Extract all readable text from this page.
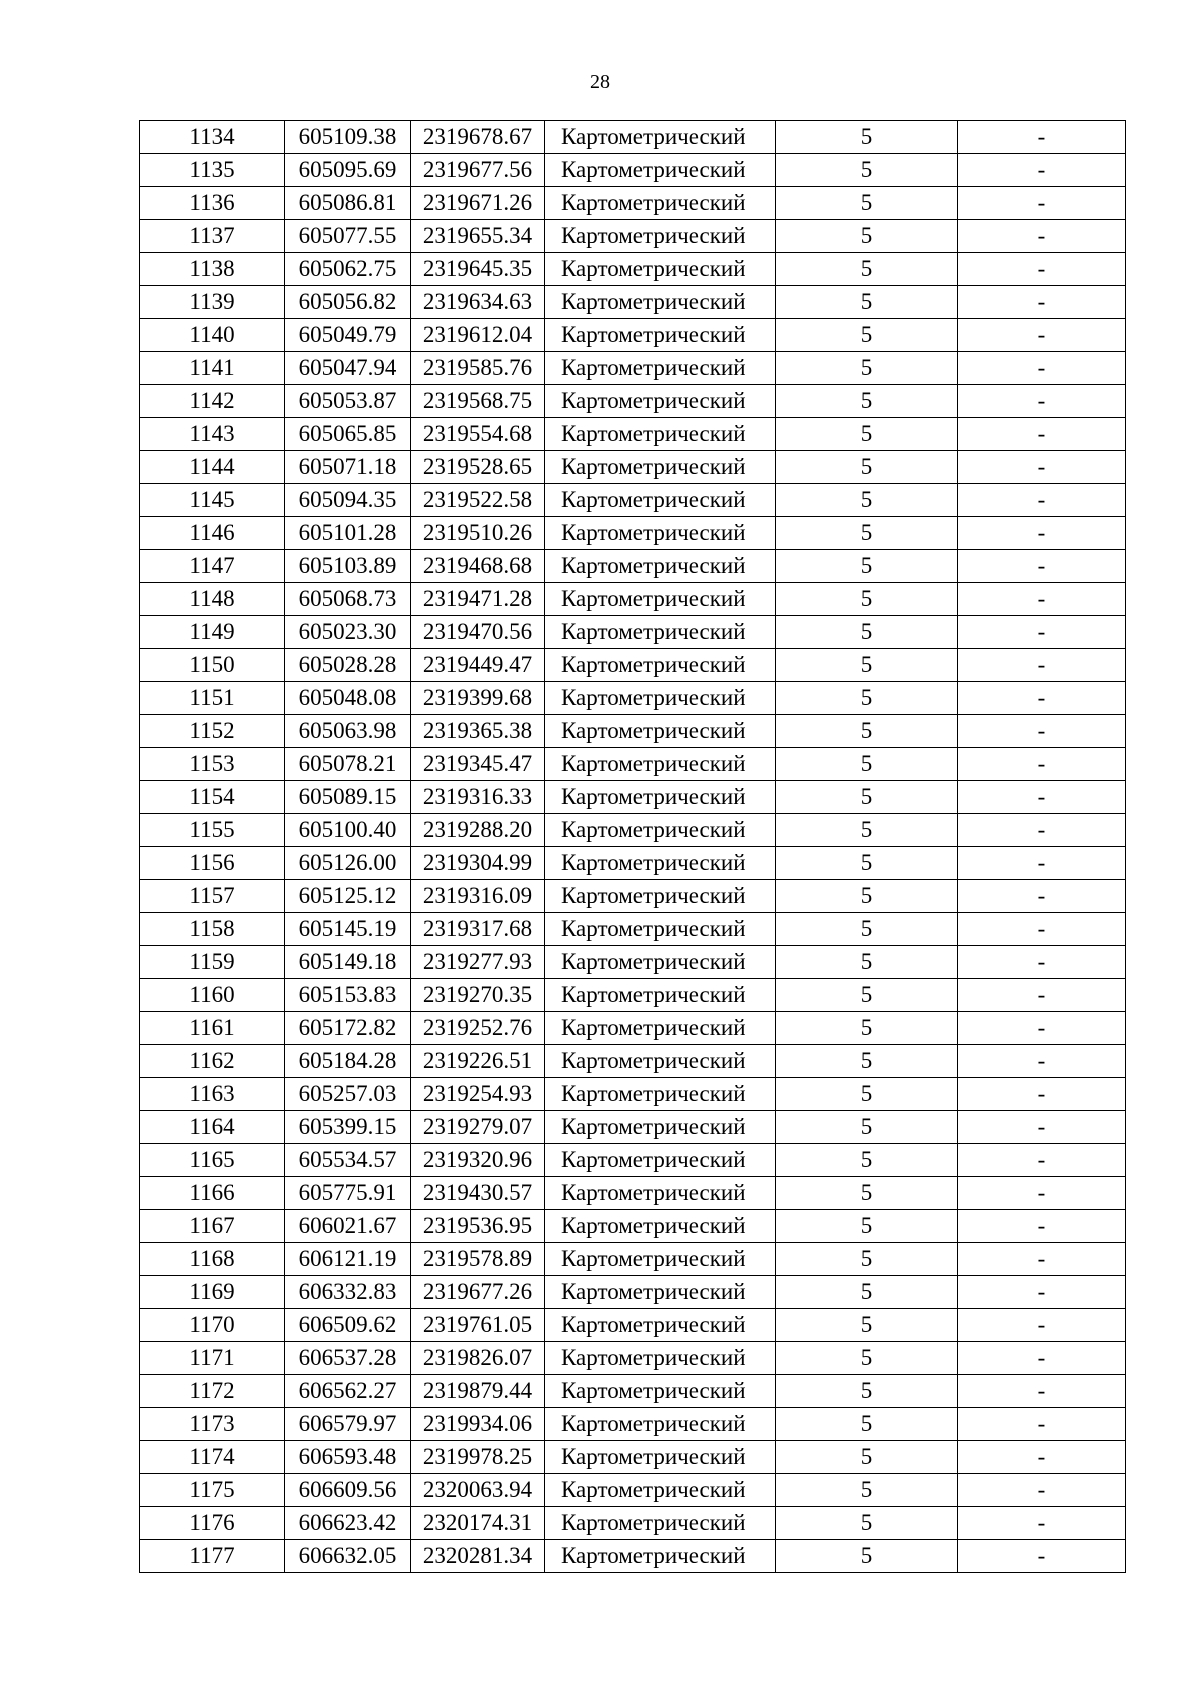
28
1134	605109.38	2319678.67	Картометрический	5	-
1135	605095.69	2319677.56	Картометрический	5	-
1136	605086.81	2319671.26	Картометрический	5	-
1137	605077.55	2319655.34	Картометрический	5	-
1138	605062.75	2319645.35	Картометрический	5	-
1139	605056.82	2319634.63	Картометрический	5	-
1140	605049.79	2319612.04	Картометрический	5	-
1141	605047.94	2319585.76	Картометрический	5	-
1142	605053.87	2319568.75	Картометрический	5	-
1143	605065.85	2319554.68	Картометрический	5	-
1144	605071.18	2319528.65	Картометрический	5	-
1145	605094.35	2319522.58	Картометрический	5	-
1146	605101.28	2319510.26	Картометрический	5	-
1147	605103.89	2319468.68	Картометрический	5	-
1148	605068.73	2319471.28	Картометрический	5	-
1149	605023.30	2319470.56	Картометрический	5	-
1150	605028.28	2319449.47	Картометрический	5	-
1151	605048.08	2319399.68	Картометрический	5	-
1152	605063.98	2319365.38	Картометрический	5	-
1153	605078.21	2319345.47	Картометрический	5	-
1154	605089.15	2319316.33	Картометрический	5	-
1155	605100.40	2319288.20	Картометрический	5	-
1156	605126.00	2319304.99	Картометрический	5	-
1157	605125.12	2319316.09	Картометрический	5	-
1158	605145.19	2319317.68	Картометрический	5	-
1159	605149.18	2319277.93	Картометрический	5	-
1160	605153.83	2319270.35	Картометрический	5	-
1161	605172.82	2319252.76	Картометрический	5	-
1162	605184.28	2319226.51	Картометрический	5	-
1163	605257.03	2319254.93	Картометрический	5	-
1164	605399.15	2319279.07	Картометрический	5	-
1165	605534.57	2319320.96	Картометрический	5	-
1166	605775.91	2319430.57	Картометрический	5	-
1167	606021.67	2319536.95	Картометрический	5	-
1168	606121.19	2319578.89	Картометрический	5	-
1169	606332.83	2319677.26	Картометрический	5	-
1170	606509.62	2319761.05	Картометрический	5	-
1171	606537.28	2319826.07	Картометрический	5	-
1172	606562.27	2319879.44	Картометрический	5	-
1173	606579.97	2319934.06	Картометрический	5	-
1174	606593.48	2319978.25	Картометрический	5	-
1175	606609.56	2320063.94	Картометрический	5	-
1176	606623.42	2320174.31	Картометрический	5	-
1177	606632.05	2320281.34	Картометрический	5	-
